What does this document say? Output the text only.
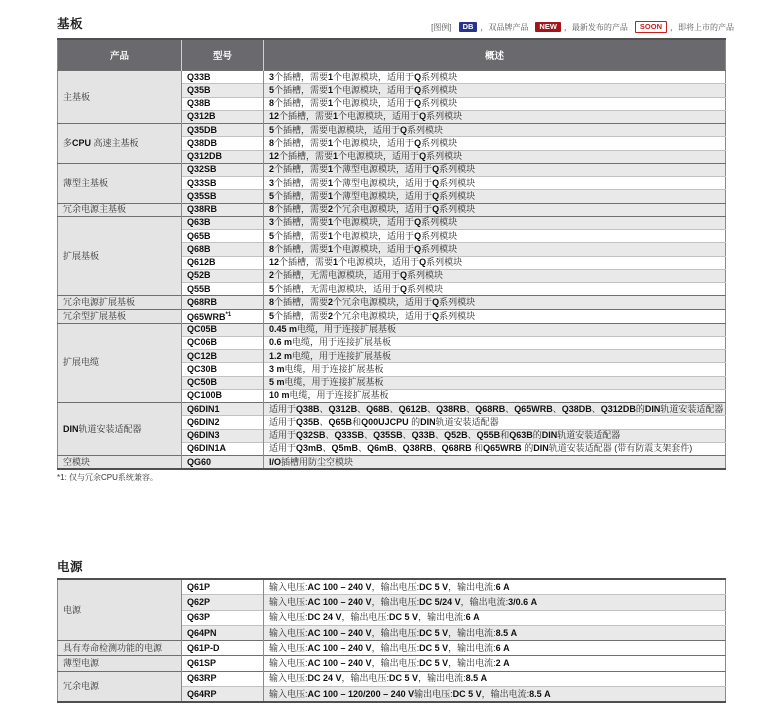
基板
电源
[图例]	DB ，双品牌产品	NEW ，最新发布的产品	SOON	，即将上市的产品
产品	型号	概述
主基板	Q33B	3个插槽，需要1个电源模块，适用于Q系列模块
	Q35B	5个插槽，需要1个电源模块，适用于Q系列模块
	Q38B	8个插槽，需要1个电源模块，适用于Q系列模块
	Q312B	12个插槽，需要1个电源模块，适用于Q系列模块
多CPU 高速主基板	Q35DB	5个插槽，需要电源模块，适用于Q系列模块
	Q38DB	8个插槽，需要1个电源模块，适用于Q系列模块
	Q312DB	12个插槽，需要1个电源模块，适用于Q系列模块
薄型主基板	Q32SB	2个插槽，需要1个薄型电源模块，适用于Q系列模块
	Q33SB	3个插槽，需要1个薄型电源模块，适用于Q系列模块
	Q35SB	5个插槽，需要1个薄型电源模块，适用于Q系列模块
冗余电源主基板	Q38RB	8个插槽，需要2个冗余电源模块，适用于Q系列模块
扩展基板	Q63B	3个插槽，需要1个电源模块，适用于Q系列模块
	Q65B	5个插槽，需要1个电源模块，适用于Q系列模块
	Q68B	8个插槽，需要1个电源模块，适用于Q系列模块
	Q612B	12个插槽，需要1个电源模块，适用于Q系列模块
	Q52B	2个插槽，无需电源模块，适用于Q系列模块
	Q55B	5个插槽，无需电源模块，适用于Q系列模块
冗余电源扩展基板	Q68RB	8个插槽，需要2个冗余电源模块，适用于Q系列模块
冗余型扩展基板	Q65WRB$^{*1}$	5个插槽，需要2个冗余电源模块，适用于Q系列模块
扩展电缆	QC05B	0.45 m电缆，用于连接扩展基板
	QC06B	0.6 m电缆，用于连接扩展基板
	QC12B	1.2 m电缆，用于连接扩展基板
	QC30B	3 m电缆，用于连接扩展基板
	QC50B	5 m电缆，用于连接扩展基板
	QC100B	10 m电缆，用于连接扩展基板
DIN轨道安装适配器	Q6DIN1	适用于Q38B、Q312B、Q68B、Q612B、Q38RB、Q68RB、Q65WRB、Q38DB、Q312DB的DIN轨道安装适配器
	Q6DIN2	适用于Q35B、Q65B和Q00UJCPU 的DIN轨道安装适配器
	Q6DIN3	适用于Q32SB、Q33SB、Q35SB、Q33B、Q52B、Q55B和Q63B的DIN轨道安装适配器
	Q6DIN1A	适用于Q3mB、Q5mB、Q6mB、Q38RB、Q68RB 和Q65WRB 的DIN轨道安装适配器 (带有防震支架套件)
空模块	QG60	I/O插槽用防尘空模块
*1: 仅与冗余CPU系统兼容。
电源	Q61P	输入电压:AC 100 – 240 V，输出电压:DC 5 V，输出电流:6 A
	Q62P	输入电压:AC 100 – 240 V，输出电压:DC 5/24 V，输出电流:3/0.6 A
	Q63P	输入电压:DC 24 V，输出电压:DC 5 V，输出电流:6 A
	Q64PN	输入电压:AC 100 – 240 V，输出电压:DC 5 V，输出电流:8.5 A
具有寿命检测功能的电源	Q61P-D	输入电压:AC 100 – 240 V，输出电压:DC 5 V，输出电流:6 A
薄型电源	Q61SP	输入电压:AC 100 – 240 V，输出电压:DC 5 V，输出电流:2 A
冗余电源	Q63RP	输入电压:DC 24 V，输出电压:DC 5 V，输出电流:8.5 A
	Q64RP	输入电压:AC 100 – 120/200 – 240 V输出电压:DC 5 V，输出电流:8.5 A
